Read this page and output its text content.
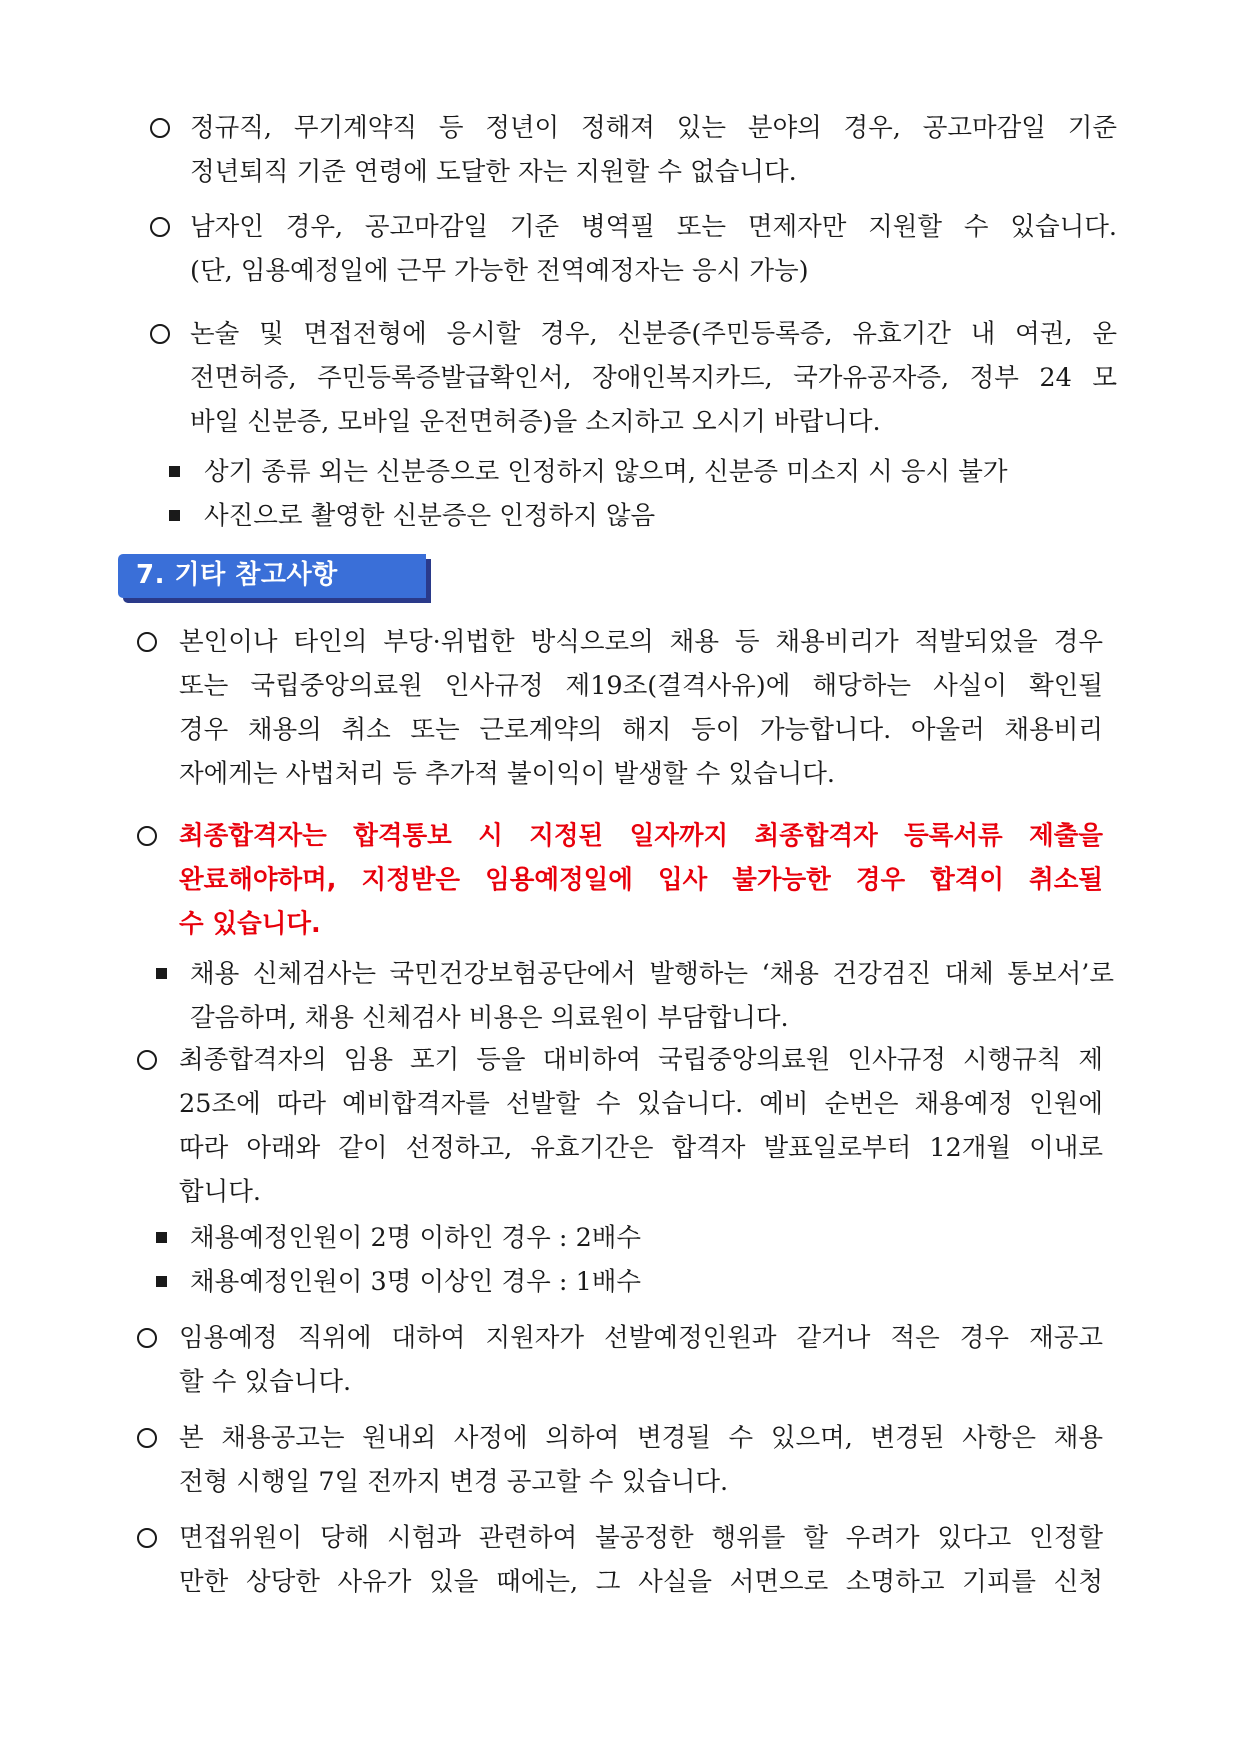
정규직, 무기계약직 등 정년이 정해져 있는 분야의 경우, 공고마감일 기준
정년퇴직 기준 연령에 도달한 자는 지원할 수 없습니다.
남자인 경우, 공고마감일 기준 병역필 또는 면제자만 지원할 수 있습니다.
(단, 임용예정일에 근무 가능한 전역예정자는 응시 가능)
논술 및 면접전형에 응시할 경우, 신분증(주민등록증, 유효기간 내 여권, 운
전면허증, 주민등록증발급확인서, 장애인복지카드, 국가유공자증, 정부 24 모
바일 신분증, 모바일 운전면허증)을 소지하고 오시기 바랍니다.
상기 종류 외는 신분증으로 인정하지 않으며, 신분증 미소지 시 응시 불가
사진으로 촬영한 신분증은 인정하지 않음
7. 기타 참고사항
본인이나 타인의 부당·위법한 방식으로의 채용 등 채용비리가 적발되었을 경우
또는 국립중앙의료원 인사규정 제19조(결격사유)에 해당하는 사실이 확인될
경우 채용의 취소 또는 근로계약의 해지 등이 가능합니다. 아울러 채용비리
자에게는 사법처리 등 추가적 불이익이 발생할 수 있습니다.
최종합격자는 합격통보 시 지정된 일자까지 최종합격자 등록서류 제출을
완료해야하며, 지정받은 임용예정일에 입사 불가능한 경우 합격이 취소될
수 있습니다.
채용 신체검사는 국민건강보험공단에서 발행하는 ‘채용 건강검진 대체 통보서’로
갈음하며, 채용 신체검사 비용은 의료원이 부담합니다.
최종합격자의 임용 포기 등을 대비하여 국립중앙의료원 인사규정 시행규칙 제
25조에 따라 예비합격자를 선발할 수 있습니다. 예비 순번은 채용예정 인원에
따라 아래와 같이 선정하고, 유효기간은 합격자 발표일로부터 12개월 이내로
합니다.
채용예정인원이 2명 이하인 경우 : 2배수
채용예정인원이 3명 이상인 경우 : 1배수
임용예정 직위에 대하여 지원자가 선발예정인원과 같거나 적은 경우 재공고
할 수 있습니다.
본 채용공고는 원내외 사정에 의하여 변경될 수 있으며, 변경된 사항은 채용
전형 시행일 7일 전까지 변경 공고할 수 있습니다.
면접위원이 당해 시험과 관련하여 불공정한 행위를 할 우려가 있다고 인정할
만한 상당한 사유가 있을 때에는, 그 사실을 서면으로 소명하고 기피를 신청
